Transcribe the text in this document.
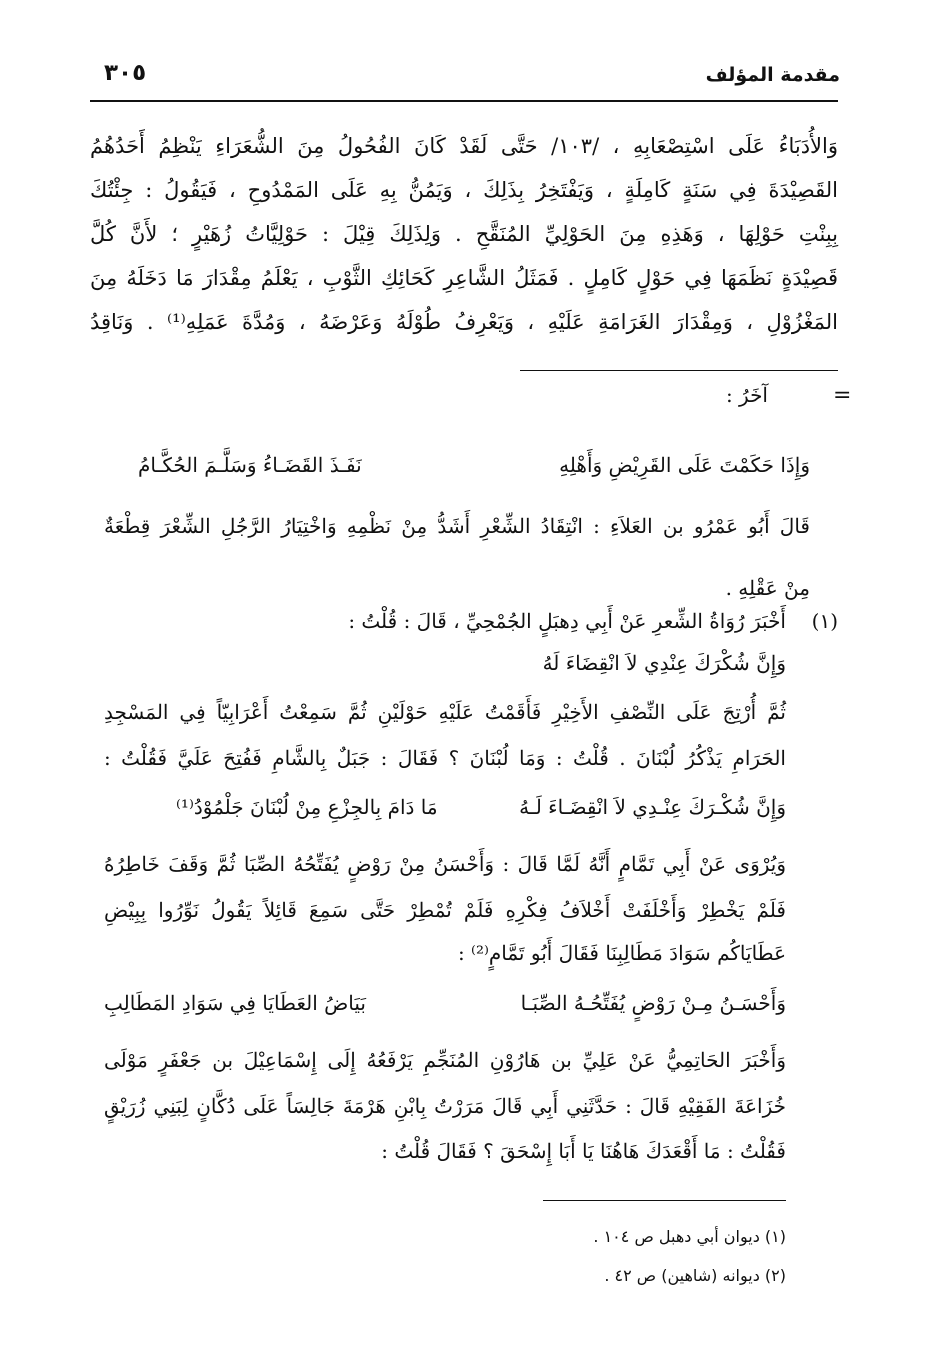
مقدمة المؤلف
٣٠٥
وَالأُدَبَاءُ عَلَى اسْتِصْعَابِهِ ، /١٠٣/ حَتَّى لَقَدْ كَانَ الفُحُولُ مِنَ الشُّعَرَاءِ يَنْظِمُ أَحَدُهُمُ
القَصِيْدَةَ فِي سَنَةٍ كَامِلَةٍ ، وَيَفْتَخِرُ بِذَلِكَ ، وَيَمُنُّ بِهِ عَلَى المَمْدُوحِ ، فَيَقُولُ : جِئْتُكَ
بِبِنْتِ حَوْلِهَا ، وَهَذِهِ مِنَ الحَوْلِيِّ المُنَقَّحِ . وَلِذَلِكَ قِيْلَ : حَوْلِيَّاتُ زُهَيْرٍ ؛ لأَنَّ كُلَّ
قَصِيْدَةٍ نَظَمَهَا فِي حَوْلٍ كَامِلٍ . فَمَثَلُ الشَّاعِرِ كَحَائِكِ الثَّوْبِ ، يَعْلَمُ مِقْدَارَ مَا دَخَلَهُ مِنَ
المَغْزُوْلِ ، وَمِقْدَارَ الغَرَامَةِ عَلَيْهِ ، وَيَعْرِفُ طُوْلَهُ وَعَرْضَهُ ، وَمُدَّةَ عَمَلِهِ⁽¹⁾ . وَنَاقِدُ
=
آخَرُ :
وَإِذَا حَكَمْتَ عَلَى القَرِيْضِ وَأَهْلِهِ
نَفَـذَ القَضَـاءُ وَسَلَّـمَ الحُكَّـامُ
قَالَ أَبُو عَمْرُو بن العَلاَءِ : انْتِقَادُ الشِّعْرِ أَشَدُّ مِنْ نَظْمِهِ وَاخْتِيَارُ الرَّجُلِ الشِّعْرَ قِطْعَةٌ
مِنْ عَقْلِهِ .
(١)
أَخْبَرَ رُوَاةُ الشِّعرِ عَنْ أَبِي دِهبَلٍ الجُمْحِيِّ ، قَالَ : قُلْتُ :
وَإِنَّ شُكْرَكَ عِنْدِي لاَ انْقِضَاءَ لَهُ
ثُمَّ أُرْتِجَ عَلَى النِّصْفِ الأَخِيْرِ فَأَقَمْتُ عَلَيْهِ حَوْلَيْنِ ثُمَّ سَمِعْتُ أَعْرَابِيّاً فِي المَسْجِدِ
الحَرَامِ يَذْكُرُ لُبْنَانَ . قُلْتُ : وَمَا لُبْنَانَ ؟ فَقَالَ : جَبَلٌ بِالشَّامِ فَفُتِحَ عَلَيَّ فَقُلْتُ :
وَإِنَّ شُكْـرَكَ عِنْـدِي لاَ انْقِضَـاءَ لَـهُ
مَا دَامَ بِالجِزْعِ مِنْ لُبْنَانَ جَلْمُوْدُ⁽¹⁾
وَيُرْوَى عَنْ أَبِي تَمَّامٍ أَنَّهُ لَمَّا قَالَ : وَأَحْسَنُ مِنْ رَوْضٍ يُفَتِّحُهُ الصِّبَا ثُمَّ وَقَفَ خَاطِرُهُ
فَلَمْ يَخْطِرْ وَأَخْلَفَتْ أَخْلاَفُ فِكْرِهِ فَلَمْ تُمْطِرْ حَتَّى سَمِعَ قَائِلاً يَقُولُ نَوِّرُوا بِبِيْضِ
عَطَايَاكُم سَوَادَ مَطَالِبِنَا فَقَالَ أَبُو تَمَّامٍ⁽²⁾ :
وَأَحْسَـنُ مِـنْ رَوْضٍ يُفَتِّحُـهُ الصِّبَـا
بَيَاضُ العَطَايَا فِي سَوَادِ المَطَالِبِ
وَأَخْبَرَ الحَاتِمِيُّ عَنْ عَلِيِّ بن هَارُوْنِ المُنَجِّمِ يَرْفَعُهُ إِلَى إِسْمَاعِيْلَ بن جَعْفَرٍ مَوْلَى
خُزَاعَةَ الفَقِيْهِ قَالَ : حَدَّثَنِي أَبِي قَالَ مَرَرْتُ بِابْنِ هَرْمَةَ جَالِسَاً عَلَى دُكَّانٍ لِبَنِي زُرَيْقٍ
فَقُلْتُ : مَا أَقْعَدَكَ هَاهُنَا يَا أَبَا إِسْحَقَ ؟ فَقَالَ قُلْتُ :
(١) ديوان أبي دهبل ص ١٠٤ .
(٢) ديوانه (شاهين) ص ٤٢ .
